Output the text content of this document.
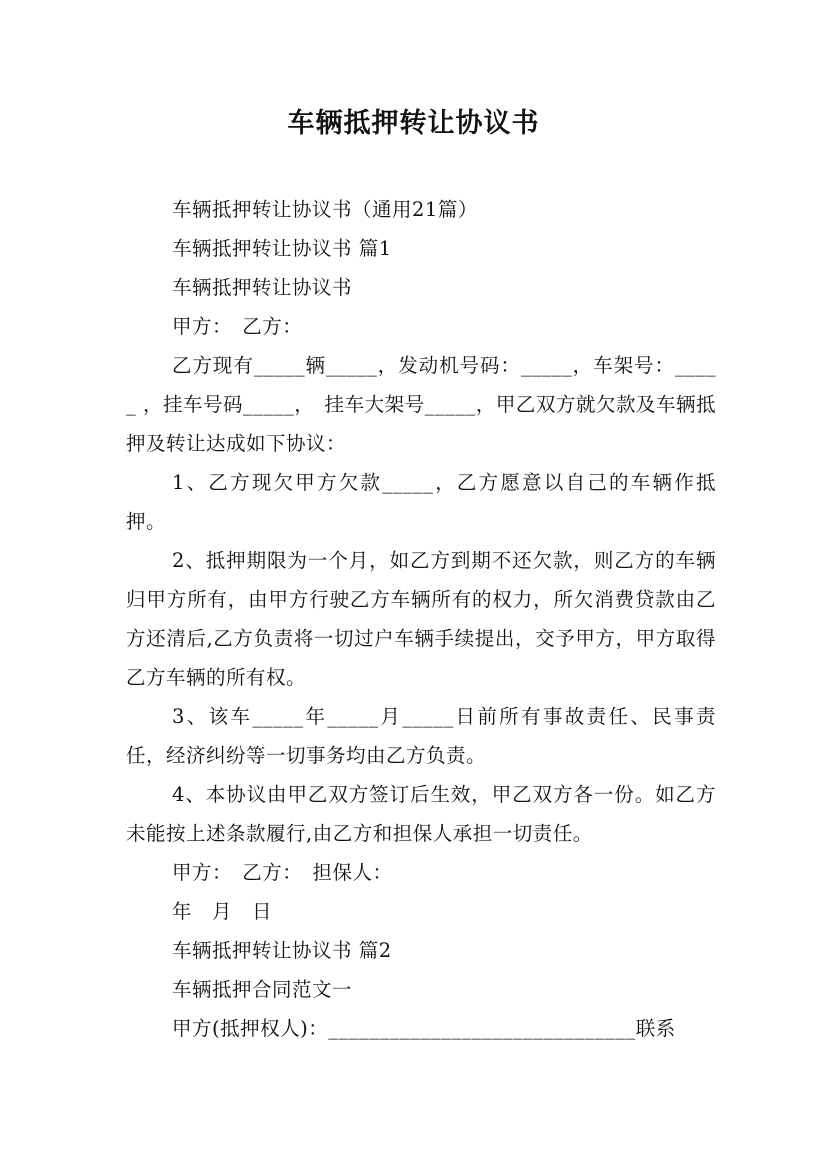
车辆抵押转让协议书

车辆抵押转让协议书（通用21篇）

车辆抵押转让协议书 篇1

车辆抵押转让协议书

甲方：　乙方：

乙方现有_____辆_____，发动机号码：_____，车架号：_____ ，挂车号码_____，　挂车大架号_____，甲乙双方就欠款及车辆抵押及转让达成如下协议：

1、乙方现欠甲方欠款_____，乙方愿意以自己的车辆作抵押。

2、抵押期限为一个月，如乙方到期不还欠款，则乙方的车辆归甲方所有，由甲方行驶乙方车辆所有的权力，所欠消费贷款由乙方还清后,乙方负责将一切过户车辆手续提出，交予甲方，甲方取得乙方车辆的所有权。

3、该车_____年_____月_____日前所有事故责任、民事责任，经济纠纷等一切事务均由乙方负责。

4、本协议由甲乙双方签订后生效，甲乙双方各一份。如乙方未能按上述条款履行,由乙方和担保人承担一切责任。

甲方：　乙方：　担保人：

年　月　日

车辆抵押转让协议书 篇2

车辆抵押合同范文一

甲方(抵押权人)：______________________________联系
